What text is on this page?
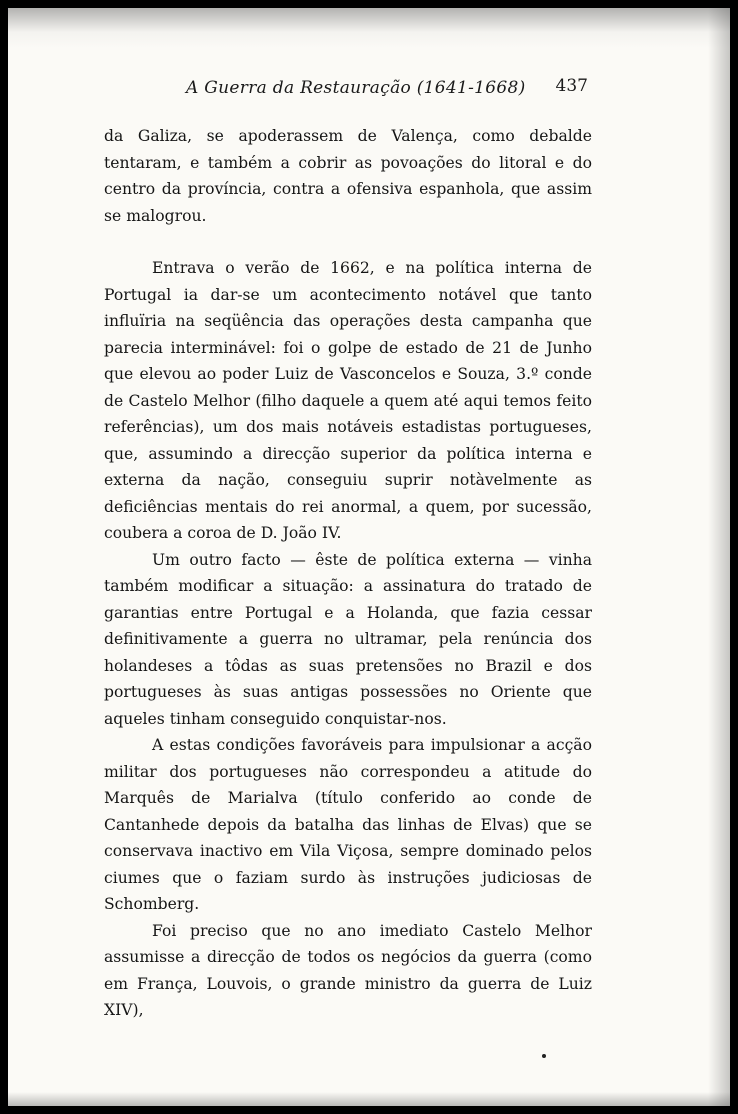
A Guerra da Restauração (1641-1668) 437

da Galiza, se apoderassem de Valença, como debalde tentaram, e também a cobrir as povoações do litoral e do centro da província, contra a ofensiva espanhola, que assim se malogrou.

Entrava o verão de 1662, e na política interna de Portugal ia dar-se um acontecimento notável que tanto influïria na seqüência das operações desta campanha que parecia interminável: foi o golpe de estado de 21 de Junho que elevou ao poder Luiz de Vasconcelos e Souza, 3.º conde de Castelo Melhor (filho daquele a quem até aqui temos feito referências), um dos mais notáveis estadistas portugueses, que, assumindo a direcção superior da política interna e externa da nação, conseguiu suprir notàvelmente as deficiências mentais do rei anormal, a quem, por sucessão, coubera a coroa de D. João IV.

Um outro facto — êste de política externa — vinha também modificar a situação: a assinatura do tratado de garantias entre Portugal e a Holanda, que fazia cessar definitivamente a guerra no ultramar, pela renúncia dos holandeses a tôdas as suas pretensões no Brazil e dos portugueses às suas antigas possessões no Oriente que aqueles tinham conseguido conquistar-nos.

A estas condições favoráveis para impulsionar a acção militar dos portugueses não correspondeu a atitude do Marquês de Marialva (título conferido ao conde de Cantanhede depois da batalha das linhas de Elvas) que se conservava inactivo em Vila Viçosa, sempre dominado pelos ciumes que o faziam surdo às instruções judiciosas de Schomberg.

Foi preciso que no ano imediato Castelo Melhor assumisse a direcção de todos os negócios da guerra (como em França, Louvois, o grande ministro da guerra de Luiz XIV),
